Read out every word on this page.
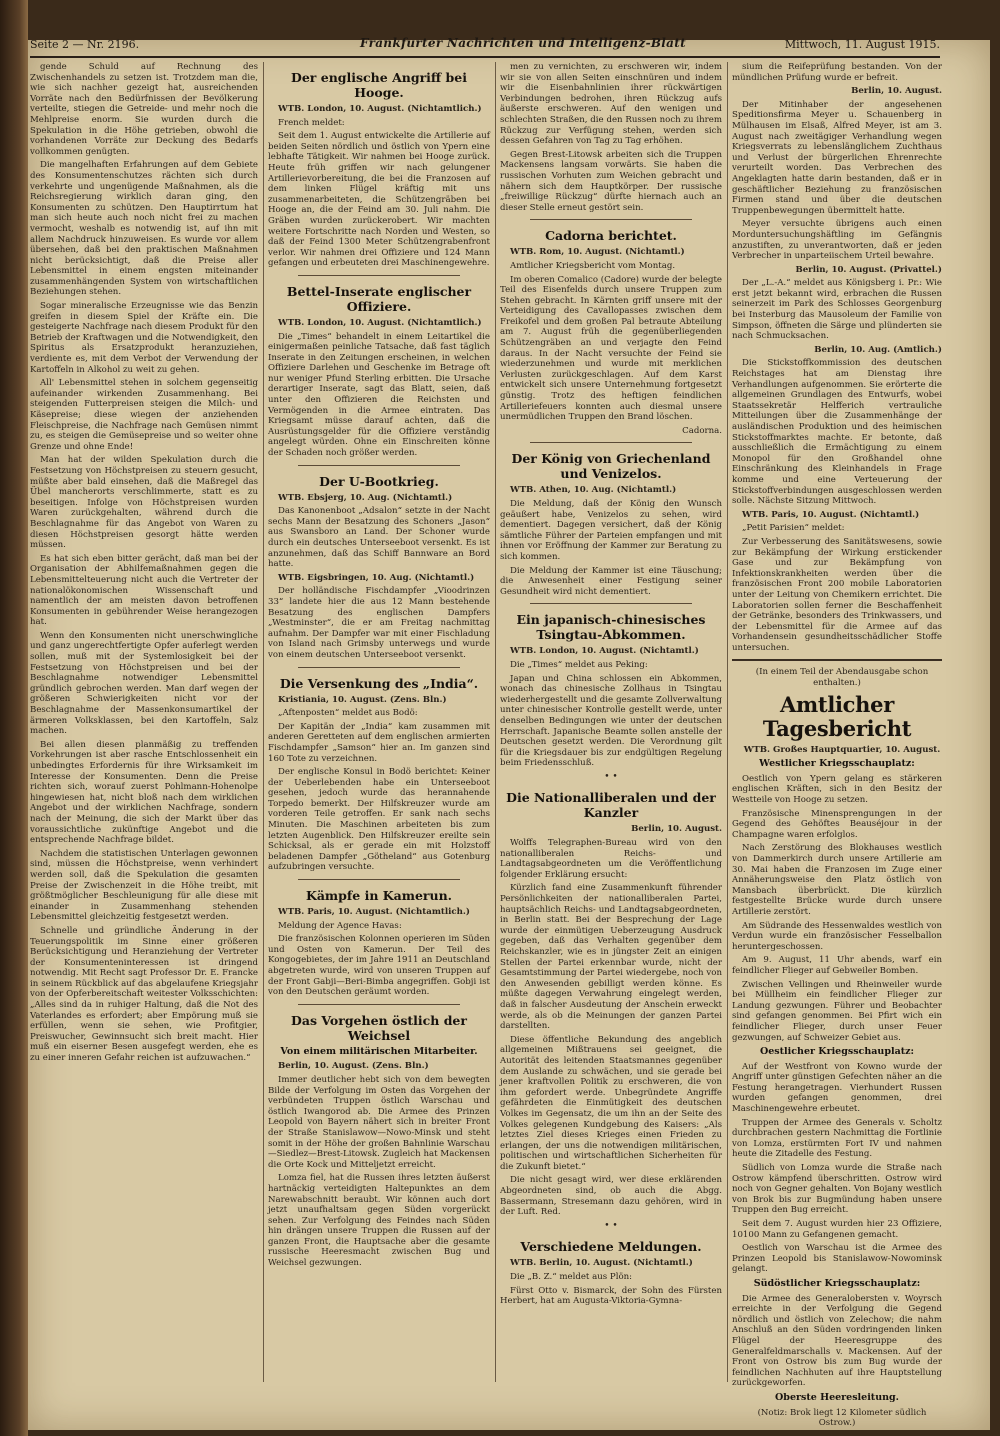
Seite 2 — Nr. 2196.	Frankfurter Nachrichten und Intelligenz-Blatt	Mittwoch, 11. August 1915.

gende Schuld auf Rechnung des Zwischenhandels zu setzen ist. Trotzdem man die, wie sich nachher gezeigt hat, ausreichenden Vorräte nach den Bedürfnissen der Bevölkerung verteilte, stiegen die Getreide- und mehr noch die Mehlpreise enorm. Sie wurden durch die Spekulation in die Höhe getrieben, obwohl die vorhandenen Vorräte zur Deckung des Bedarfs vollkommen genügten.

Die mangelhaften Erfahrungen auf dem Gebiete des Konsumentenschutzes rächten sich durch verkehrte und ungenügende Maßnahmen, als die Reichsregierung wirklich daran ging, den Konsumenten zu schützen. Den Hauptirrtum hat man sich heute auch noch nicht frei zu machen vermocht, weshalb es notwendig ist, auf ihn mit allem Nachdruck hinzuweisen. Es wurde vor allem übersehen, daß bei den praktischen Maßnahmen nicht berücksichtigt, daß die Preise aller Lebensmittel in einem engsten miteinander zusammenhängenden System von wirtschaftlichen Beziehungen stehen.

Sogar mineralische Erzeugnisse wie das Benzin greifen in diesem Spiel der Kräfte ein. Die gesteigerte Nachfrage nach diesem Produkt für den Betrieb der Kraftwagen und die Notwendigkeit, den Spiritus als Ersatzprodukt heranzuziehen, verdiente es, mit dem Verbot der Verwendung der Kartoffeln in Alkohol zu weit zu gehen.

All' Lebensmittel stehen in solchem gegenseitig aufeinander wirkenden Zusammenhang. Bei steigenden Futterpreisen steigen die Milch- und Käsepreise; diese wiegen der anziehenden Fleischpreise, die Nachfrage nach Gemüsen nimmt zu, es steigen die Gemüsepreise und so weiter ohne Grenze und ohne Ende!

Man hat der wilden Spekulation durch die Festsetzung von Höchstpreisen zu steuern gesucht, müßte aber bald einsehen, daß die Maßregel das Übel mancherorts verschlimmerte, statt es zu beseitigen. Infolge von Höchstpreisen wurden Waren zurückgehalten, während durch die Beschlagnahme für das Angebot von Waren zu diesen Höchstpreisen gesorgt hätte werden müssen.

Es hat sich eben bitter gerächt, daß man bei der Organisation der Abhilfemaßnahmen gegen die Lebensmittelteuerung nicht auch die Vertreter der nationalökonomischen Wissenschaft und namentlich der am meisten davon betroffenen Konsumenten in gebührender Weise herangezogen hat.

Wenn den Konsumenten nicht unerschwingliche und ganz ungerechtfertigte Opfer auferlegt werden sollen, muß mit der Systemlosigkeit bei der Festsetzung von Höchstpreisen und bei der Beschlagnahme notwendiger Lebensmittel gründlich gebrochen werden. Man darf wegen der größeren Schwierigkeiten nicht vor der Beschlagnahme der Massenkonsumartikel der ärmeren Volksklassen, bei den Kartoffeln, Salz machen.

Bei allen diesen planmäßig zu treffenden Vorkehrungen ist aber rasche Entschlossenheit ein unbedingtes Erfordernis für ihre Wirksamkeit im Interesse der Konsumenten. Denn die Preise richten sich, worauf zuerst Pohlmann-Hohenolpe hingewiesen hat, nicht bloß nach dem wirklichen Angebot und der wirklichen Nachfrage, sondern nach der Meinung, die sich der Markt über das voraussichtliche zukünftige Angebot und die entsprechende Nachfrage bildet.

Nachdem die statistischen Unterlagen gewonnen sind, müssen die Höchstpreise, wenn verhindert werden soll, daß die Spekulation die gesamten Preise der Zwischenzeit in die Höhe treibt, mit größtmöglicher Beschleunigung für alle diese mit einander in Zusammenhang stehenden Lebensmittel gleichzeitig festgesetzt werden.

Schnelle und gründliche Änderung in der Teuerungspolitik im Sinne einer größeren Berücksichtigung und Heranziehung der Vertreter der Konsumenteninteressen ist dringend notwendig. Mit Recht sagt Professor Dr. E. Francke in seinem Rückblick auf das abgelaufene Kriegsjahr von der Opferbereitschaft weitester Volksschichten: „Alles sind da in ruhiger Haltung, daß die Not des Vaterlandes es erfordert; aber Empörung muß sie erfüllen, wenn sie sehen, wie Profitgier, Preiswucher, Gewinnsucht sich breit macht. Hier muß ein eiserner Besen ausgefegt werden, ehe es zu einer inneren Gefahr reichen ist aufzuwachen.“

Der englische Angriff bei Hooge.

WTB. London, 10. August. (Nichtamtlich.)

French meldet:

Seit dem 1. August entwickelte die Artillerie auf beiden Seiten nördlich und östlich von Ypern eine lebhafte Tätigkeit. Wir nahmen bei Hooge zurück. Heute früh griffen wir nach gelungener Artillerievorbereitung, die bei die Franzosen auf dem linken Flügel kräftig mit uns zusammenarbeiteten, die Schützengräben bei Hooge an, die der Feind am 30. Juli nahm. Die Gräben wurden zurückerobert. Wir machten weitere Fortschritte nach Norden und Westen, so daß der Feind 1300 Meter Schützengrabenfront verlor. Wir nahmen drei Offiziere und 124 Mann gefangen und erbeuteten drei Maschinengewehre.

Bettel-Inserate englischer Offiziere.

WTB. London, 10. August. (Nichtamtlich.)

Die „Times“ behandelt in einem Leitartikel die einigermaßen peinliche Tatsache, daß fast täglich Inserate in den Zeitungen erscheinen, in welchen Offiziere Darlehen und Geschenke im Betrage oft nur weniger Pfund Sterling erbitten. Die Ursache derartiger Inserate, sagt das Blatt, seien, daß unter den Offizieren die Reichsten und Vermögenden in die Armee eintraten. Das Kriegsamt müsse darauf achten, daß die Ausrüstungsgelder für die Offiziere verständig angelegt würden. Ohne ein Einschreiten könne der Schaden noch größer werden.

Der U-Bootkrieg.

WTB. Ebsjerg, 10. Aug. (Nichtamtl.)

Das Kanonenboot „Adsalon“ setzte in der Nacht sechs Mann der Besatzung des Schoners „Jason“ aus Swansboro an Land. Der Schoner wurde durch ein deutsches Unterseeboot versenkt. Es ist anzunehmen, daß das Schiff Bannware an Bord hatte.

WTB. Eigsbringen, 10. Aug. (Nichtamtl.)

Der holländische Fischdampfer „Vioodrinzen 33“ landete hier die aus 12 Mann bestehende Besatzung des englischen Dampfers „Westminster“, die er am Freitag nachmittag aufnahm. Der Dampfer war mit einer Fischladung von Island nach Grimsby unterwegs und wurde von einem deutschen Unterseeboot versenkt.

Die Versenkung des „India“.

Kristiania, 10. August. (Zens. Bln.)

„Aftenposten“ meldet aus Bodö:

Der Kapitän der „India“ kam zusammen mit anderen Geretteten auf dem englischen armierten Fischdampfer „Samson“ hier an. Im ganzen sind 160 Tote zu verzeichnen.

Der englische Konsul in Bodö berichtet: Keiner der Ueberlebenden habe ein Unterseeboot gesehen, jedoch wurde das herannahende Torpedo bemerkt. Der Hilfskreuzer wurde am vorderen Teile getroffen. Er sank nach sechs Minuten. Die Maschinen arbeiteten bis zum letzten Augenblick. Den Hilfskreuzer ereilte sein Schicksal, als er gerade ein mit Holzstoff beladenen Dampfer „Götheland“ aus Gotenburg aufzubringen versuchte.

Kämpfe in Kamerun.

WTB. Paris, 10. August. (Nichtamtlich.)

Meldung der Agence Havas:

Die französischen Kolonnen operieren im Süden und Osten von Kamerun. Der Teil des Kongogebietes, der im Jahre 1911 an Deutschland abgetreten wurde, wird von unseren Truppen auf der Front Gabji—Beri-Bimba angegriffen. Gobji ist von den Deutschen geräumt worden.

Das Vorgehen östlich der Weichsel
Von einem militärischen Mitarbeiter.

Berlin, 10. August. (Zens. Bln.)

Immer deutlicher hebt sich von dem bewegten Bilde der Verfolgung im Osten das Vorgehen der verbündeten Truppen östlich Warschau und östlich Iwangorod ab. Die Armee des Prinzen Leopold von Bayern nähert sich in breiter Front der Straße Stanislawow—Nowo-Minsk und steht somit in der Höhe der großen Bahnlinie Warschau—Siedlez—Brest-Litowsk. Zugleich hat Mackensen die Orte Kock und Mitteljetzt erreicht.

Lomza fiel, hat die Russen ihres letzten äußerst hartnäckig verteidigten Haltepunktes an dem Narewabschnitt beraubt. Wir können auch dort jetzt unaufhaltsam gegen Süden vorgerückt sehen. Zur Verfolgung des Feindes nach Süden hin drängen unsere Truppen die Russen auf der ganzen Front, die Hauptsache aber die gesamte russische Heeresmacht zwischen Bug und Weichsel gezwungen.

men zu vernichten, zu erschweren wir, indem wir sie von allen Seiten einschnüren und indem wir die Eisenbahnlinien ihrer rückwärtigen Verbindungen bedrohen, ihren Rückzug aufs äußerste erschweren. Auf den wenigen und schlechten Straßen, die den Russen noch zu ihrem Rückzug zur Verfügung stehen, werden sich dessen Gefahren von Tag zu Tag erhöhen.

Gegen Brest-Litowsk arbeiten sich die Truppen Mackensens langsam vorwärts. Sie haben die russischen Vorhuten zum Weichen gebracht und nähern sich dem Hauptkörper. Der russische „freiwillige Rückzug“ dürfte hiernach auch an dieser Stelle erneut gestört sein.

Cadorna berichtet.

WTB. Rom, 10. August. (Nichtamtl.)

Amtlicher Kriegsbericht vom Montag.

Im oberen Comalico (Cadore) wurde der belegte Teil des Eisenfelds durch unsere Truppen zum Stehen gebracht. In Kärnten griff unsere mit der Verteidigung des Cavallopasses zwischen dem Freikofel und dem großen Pal betraute Abteilung am 7. August früh die gegenüberliegenden Schützengräben an und verjagte den Feind daraus. In der Nacht versuchte der Feind sie wiederzunehmen und wurde mit merklichen Verlusten zurückgeschlagen. Auf dem Karst entwickelt sich unsere Unternehmung fortgesetzt günstig. Trotz des heftigen feindlichen Artilleriefeuers konnten auch diesmal unsere unermüdlichen Truppen den Brand löschen.

Cadorna.

Der König von Griechenland und Venizelos.

WTB. Athen, 10. Aug. (Nichtamtl.)

Die Meldung, daß der König den Wunsch geäußert habe, Venizelos zu sehen, wird dementiert. Dagegen versichert, daß der König sämtliche Führer der Parteien empfangen und mit ihnen vor Eröffnung der Kammer zur Beratung zu sich kommen.

Die Meldung der Kammer ist eine Täuschung; die Anwesenheit einer Festigung seiner Gesundheit wird nicht dementiert.

Ein japanisch-chinesisches Tsingtau-Abkommen.

WTB. London, 10. August. (Nichtamtl.)

Die „Times“ meldet aus Peking:

Japan und China schlossen ein Abkommen, wonach das chinesische Zollhaus in Tsingtau wiederhergestellt und die gesamte Zollverwaltung unter chinesischer Kontrolle gestellt werde, unter denselben Bedingungen wie unter der deutschen Herrschaft. Japanische Beamte sollen anstelle der Deutschen gesetzt werden. Die Verordnung gilt für die Kriegsdauer bis zur endgültigen Regelung beim Friedensschluß.

• •
Die Nationalliberalen und der Kanzler

Berlin, 10. August.

Wolffs Telegraphen-Bureau wird von den nationalliberalen Reichs- und Landtagsabgeordneten um die Veröffentlichung folgender Erklärung ersucht:

Kürzlich fand eine Zusammenkunft führender Persönlichkeiten der nationalliberalen Partei, hauptsächlich Reichs- und Landtagsabgeordneten, in Berlin statt. Bei der Besprechung der Lage wurde der einmütigen Ueberzeugung Ausdruck gegeben, daß das Verhalten gegenüber dem Reichskanzler, wie es in jüngster Zeit an einigen Stellen der Partei erkennbar wurde, nicht der Gesamtstimmung der Partei wiedergebe, noch von den Anwesenden gebilligt werden könne. Es müßte dagegen Verwahrung eingelegt werden, daß in falscher Ausdeutung der Anschein erweckt werde, als ob die Meinungen der ganzen Partei darstellten.

Diese öffentliche Bekundung des angeblich allgemeinen Mißtrauens sei geeignet, die Autorität des leitenden Staatsmannes gegenüber dem Auslande zu schwächen, und sie gerade bei jener kraftvollen Politik zu erschweren, die von ihm gefordert werde. Unbegründete Angriffe gefährdeten die Einmütigkeit des deutschen Volkes im Gegensatz, die um ihn an der Seite des Volkes gelegenen Kundgebung des Kaisers: „Als letztes Ziel dieses Krieges einen Frieden zu erlangen, der uns die notwendigen militärischen, politischen und wirtschaftlichen Sicherheiten für die Zukunft bietet.“

Die nicht gesagt wird, wer diese erklärenden Abgeordneten sind, ob auch die Abgg. Bassermann, Stresemann dazu gehören, wird in der Luft. Red.

• •
Verschiedene Meldungen.

WTB. Berlin, 10. August. (Nichtamtl.)

Die „B. Z.“ meldet aus Plön:

Fürst Otto v. Bismarck, der Sohn des Fürsten Herbert, hat am Augusta-Viktoria-Gymna-

sium die Reifeprüfung bestanden. Von der mündlichen Prüfung wurde er befreit.

Berlin, 10. August.

Der Mitinhaber der angesehenen Speditionsfirma Meyer u. Schauenberg in Mülhausen im Elsaß, Alfred Meyer, ist am 3. August nach zweitägiger Verhandlung wegen Kriegsverrats zu lebenslänglichem Zuchthaus und Verlust der bürgerlichen Ehrenrechte verurteilt worden. Das Verbrechen des Angeklagten hatte darin bestanden, daß er in geschäftlicher Beziehung zu französischen Firmen stand und über die deutschen Truppenbewegungen übermittelt hatte.

Meyer versuchte übrigens auch einen Morduntersuchungshäftling im Gefängnis anzustiften, zu unverantworten, daß er jeden Verbrecher in unparteiischem Urteil bewahre.

Berlin, 10. August. (Privattel.)

Der „L.-A.“ meldet aus Königsberg i. Pr.: Wie erst jetzt bekannt wird, erbrachen die Russen seinerzeit im Park des Schlosses Georgenburg bei Insterburg das Mausoleum der Familie von Simpson, öffneten die Särge und plünderten sie nach Schmucksachen.

Berlin, 10. Aug. (Amtlich.)

Die Stickstoffkommission des deutschen Reichstages hat am Dienstag ihre Verhandlungen aufgenommen. Sie erörterte die allgemeinen Grundlagen des Entwurfs, wobei Staatssekretär Helfferich vertrauliche Mitteilungen über die Zusammenhänge der ausländischen Produktion und des heimischen Stickstoffmarktes machte. Er betonte, daß ausschließlich die Ermächtigung zu einem Monopol für den Großhandel ohne Einschränkung des Kleinhandels in Frage komme und eine Verteuerung der Stickstoffverbindungen ausgeschlossen werden solle. Nächste Sitzung Mittwoch.

WTB. Paris, 10. August. (Nichtamtl.)

„Petit Parisien“ meldet:

Zur Verbesserung des Sanitätswesens, sowie zur Bekämpfung der Wirkung erstickender Gase und zur Bekämpfung von Infektionskrankheiten werden über die französischen Front 200 mobile Laboratorien unter der Leitung von Chemikern errichtet. Die Laboratorien sollen ferner die Beschaffenheit der Getränke, besonders des Trinkwassers, und der Lebensmittel für die Armee auf das Vorhandensein gesundheitsschädlicher Stoffe untersuchen.

(In einem Teil der Abendausgabe schon enthalten.)

Amtlicher Tagesbericht

WTB. Großes Hauptquartier, 10. August.

Westlicher Kriegsschauplatz:

Oestlich von Ypern gelang es stärkeren englischen Kräften, sich in den Besitz der Westteile von Hooge zu setzen.

Französische Minensprengungen in der Gegend des Gehöftes Beauséjour in der Champagne waren erfolglos.

Nach Zerstörung des Blokhauses westlich von Dammerkirch durch unsere Artillerie am 30. Mai haben die Franzosen im Zuge einer Annäherungsweise den Platz östlich von Mansbach überbrückt. Die kürzlich festgestellte Brücke wurde durch unsere Artillerie zerstört.

Am Südrande des Hessenwaldes westlich von Verdun wurde ein französischer Fesselballon heruntergeschossen.

Am 9. August, 11 Uhr abends, warf ein feindlicher Flieger auf Gebweiler Bomben.

Zwischen Vellingen und Rheinweiler wurde bei Müllheim ein feindlicher Flieger zur Landung gezwungen. Führer und Beobachter sind gefangen genommen. Bei Pfirt wich ein feindlicher Flieger, durch unser Feuer gezwungen, auf Schweizer Gebiet aus.

Oestlicher Kriegsschauplatz:

Auf der Westfront von Kowno wurde der Angriff unter günstigen Gefechten näher an die Festung herangetragen. Vierhundert Russen wurden gefangen genommen, drei Maschinengewehre erbeutet.

Truppen der Armee des Generals v. Scholtz durchbrachen gestern Nachmittag die Fortlinie von Lomza, erstürmten Fort IV und nahmen heute die Zitadelle des Festung.

Südlich von Lomza wurde die Straße nach Ostrow kämpfend überschritten. Ostrow wird noch von Gegner gehalten. Von Bojany westlich von Brok bis zur Bugmündung haben unsere Truppen den Bug erreicht.

Seit dem 7. August wurden hier 23 Offiziere, 10100 Mann zu Gefangenen gemacht.

Oestlich von Warschau ist die Armee des Prinzen Leopold bis Stanislawow-Nowominsk gelangt.

Südöstlicher Kriegsschauplatz:

Die Armee des Generalobersten v. Woyrsch erreichte in der Verfolgung die Gegend nördlich und östlich von Zelechow; die nahm Anschluß an den Süden vordringenden linken Flügel der Heeresgruppe des Generalfeldmarschalls v. Mackensen. Auf der Front von Ostrow bis zum Bug wurde der feindlichen Nachhuten auf ihre Hauptstellung zurückgeworfen.

Oberste Heeresleitung.

(Notiz: Brok liegt 12 Kilometer südlich Ostrow.)
